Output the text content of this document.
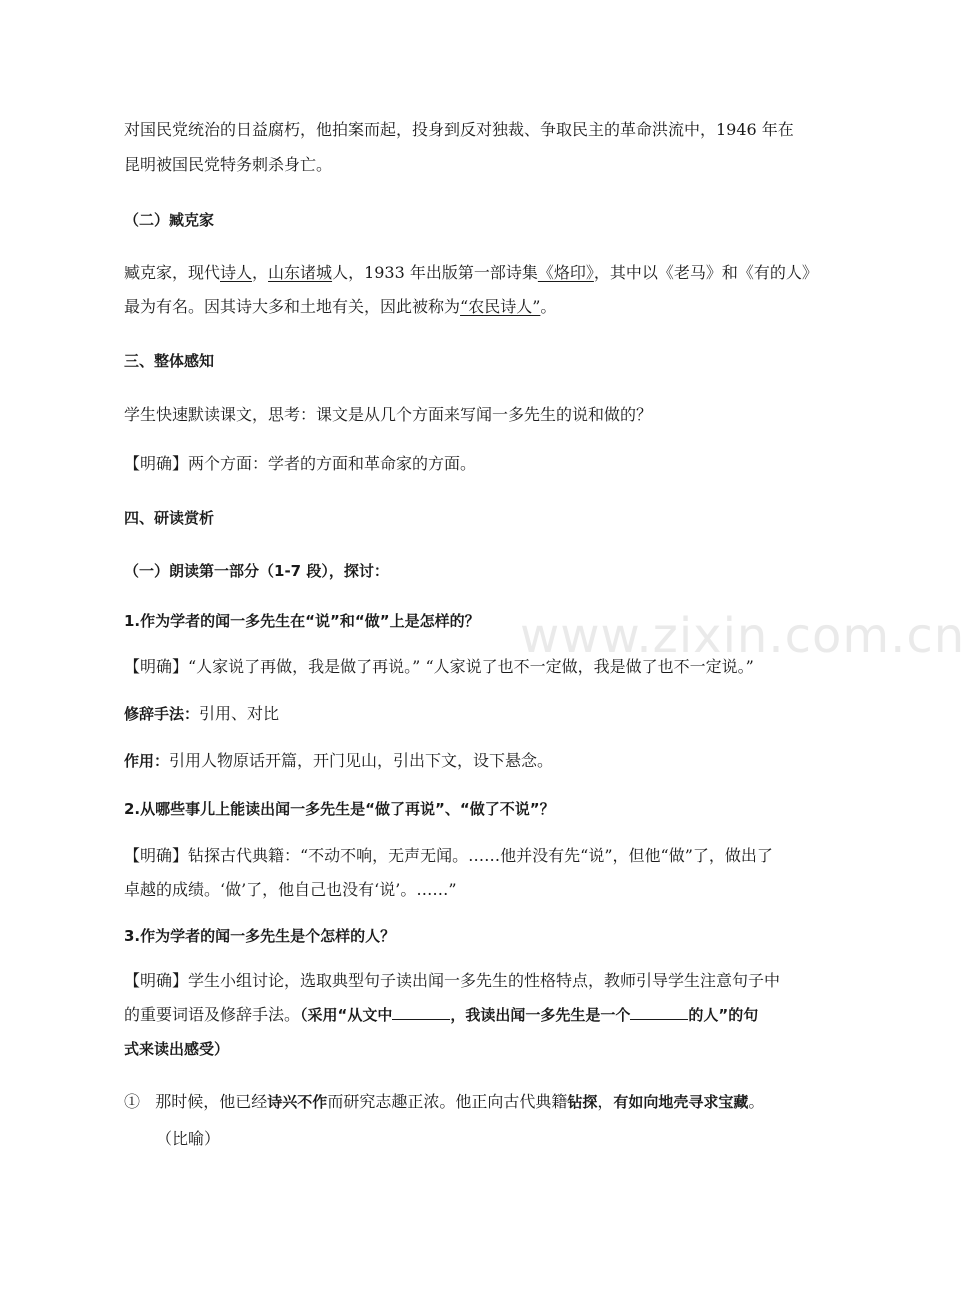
对国民党统治的日益腐朽，他拍案而起，投身到反对独裁、争取民主的革命洪流中，1946 年在
昆明被国民党特务刺杀身亡。
（二）臧克家
臧克家，现代诗人，山东诸城人，1933 年出版第一部诗集《烙印》，其中以《老马》和《有的人》
最为有名。因其诗大多和土地有关，因此被称为“农民诗人”。
三、整体感知
学生快速默读课文，思考：课文是从几个方面来写闻一多先生的说和做的？
【明确】两个方面：学者的方面和革命家的方面。
四、研读赏析
（一）朗读第一部分（1-7 段），探讨：
1.作为学者的闻一多先生在“说”和“做”上是怎样的？
【明确】“人家说了再做，我是做了再说。” “人家说了也不一定做，我是做了也不一定说。”
修辞手法：引用、对比
作用：引用人物原话开篇，开门见山，引出下文，设下悬念。
2.从哪些事儿上能读出闻一多先生是“做了再说”、“做了不说”？
【明确】钻探古代典籍：“不动不响，无声无闻。……他并没有先“说”，但他“做”了，做出了
卓越的成绩。‘做’了，他自己也没有‘说’。……”
3.作为学者的闻一多先生是个怎样的人？
【明确】学生小组讨论，选取典型句子读出闻一多先生的性格特点，教师引导学生注意句子中
的重要词语及修辞手法。（采用“从文中	，我读出闻一多先生是一个	的人”的句
式来读出感受）
① 那时候，他已经诗兴不作而研究志趣正浓。他正向古代典籍钻探，有如向地壳寻求宝藏。
（比喻）
www.zixin.com.cn
